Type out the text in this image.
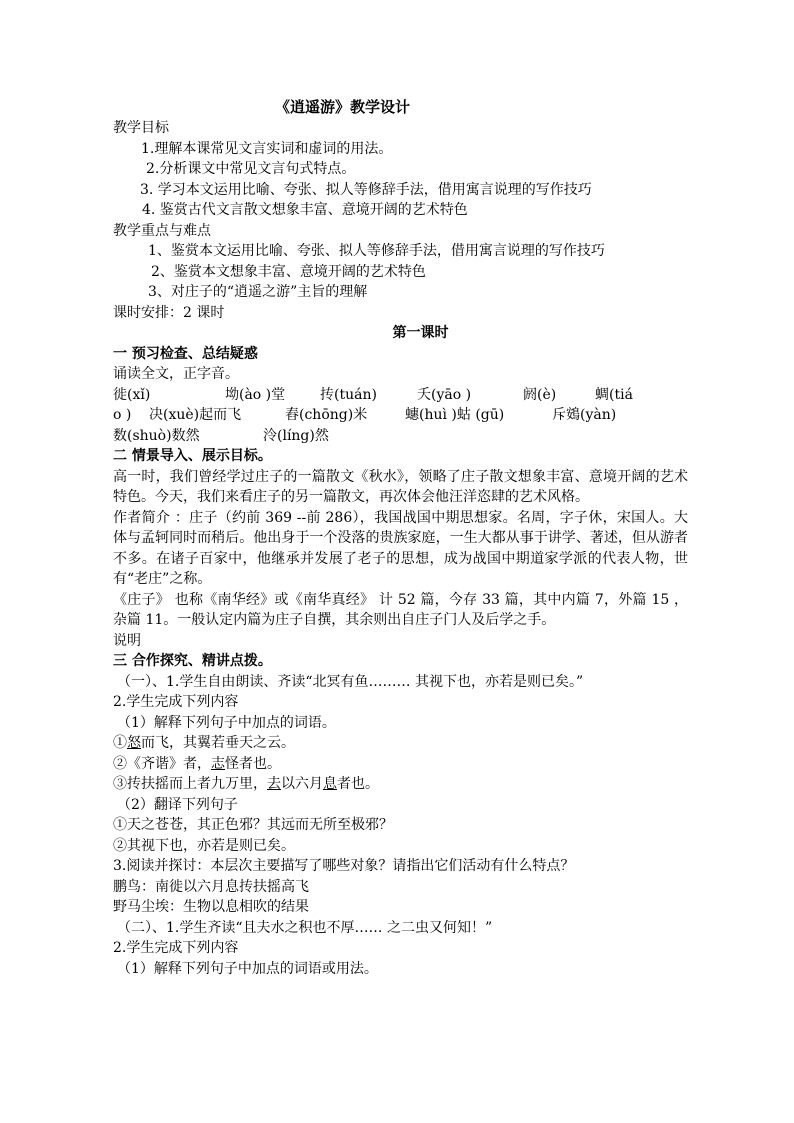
《逍遥游》教学设计
教学目标
1.理解本课常见文言实词和虚词的用法。
2.分析课文中常见文言句式特点。
3. 学习本文运用比喻、夸张、拟人等修辞手法，借用寓言说理的写作技巧
4. 鉴赏古代文言散文想象丰富、意境开阔的艺术特色
教学重点与难点
1、鉴赏本文运用比喻、夸张、拟人等修辞手法，借用寓言说理的写作技巧
2、鉴赏本文想象丰富、意境开阔的艺术特色
3、对庄子的“逍遥之游”主旨的理解
课时安排：2 课时
第一课时
一 预习检查、总结疑惑
诵读全文，正字音。
徙(xǐ)	坳(ào )堂	抟(tuán)	夭(yāo )	阏(è)	蜩(tiá
o )	决(xuè)起而飞	舂(chōng)米	蟪(huì )蛄 (gū)	斥鴳(yàn)
数(shuò)数然	泠(líng)然
二 情景导入、展示目标。
高一时，我们曾经学过庄子的一篇散文《秋水》，领略了庄子散文想象丰富、意境开阔的艺术特色。今天，我们来看庄子的另一篇散文，再次体会他汪洋恣肆的艺术风格。
作者简介 ：庄子（约前 369 --前 286），我国战国中期思想家。名周，字子休，宋国人。大体与孟轲同时而稍后。他出身于一个没落的贵族家庭，一生大都从事于讲学、著述，但从游者不多。在诸子百家中，他继承并发展了老子的思想，成为战国中期道家学派的代表人物，世有“老庄”之称。
《庄子》 也称《南华经》或《南华真经》 计 52 篇，今存 33 篇，其中内篇 7，外篇 15 ，杂篇 11。一般认定内篇为庄子自撰，其余则出自庄子门人及后学之手。
说明
三 合作探究、精讲点拨。
（一）、1.学生自由朗读、齐读“北冥有鱼……… 其视下也，亦若是则已矣。”
2.学生完成下列内容
（1）解释下列句子中加点的词语。
①怒而飞，其翼若垂天之云。
②《齐谐》者，志怪者也。
③抟扶摇而上者九万里，去以六月息者也。
（2）翻译下列句子
①天之苍苍，其正色邪？其远而无所至极邪？
②其视下也，亦若是则已矣。
3.阅读并探讨：本层次主要描写了哪些对象？请指出它们活动有什么特点？
鹏鸟：南徙以六月息抟扶摇高飞
野马尘埃：生物以息相吹的结果
（二）、1.学生齐读“且夫水之积也不厚…… 之二虫又何知！”
2.学生完成下列内容
（1）解释下列句子中加点的词语或用法。
